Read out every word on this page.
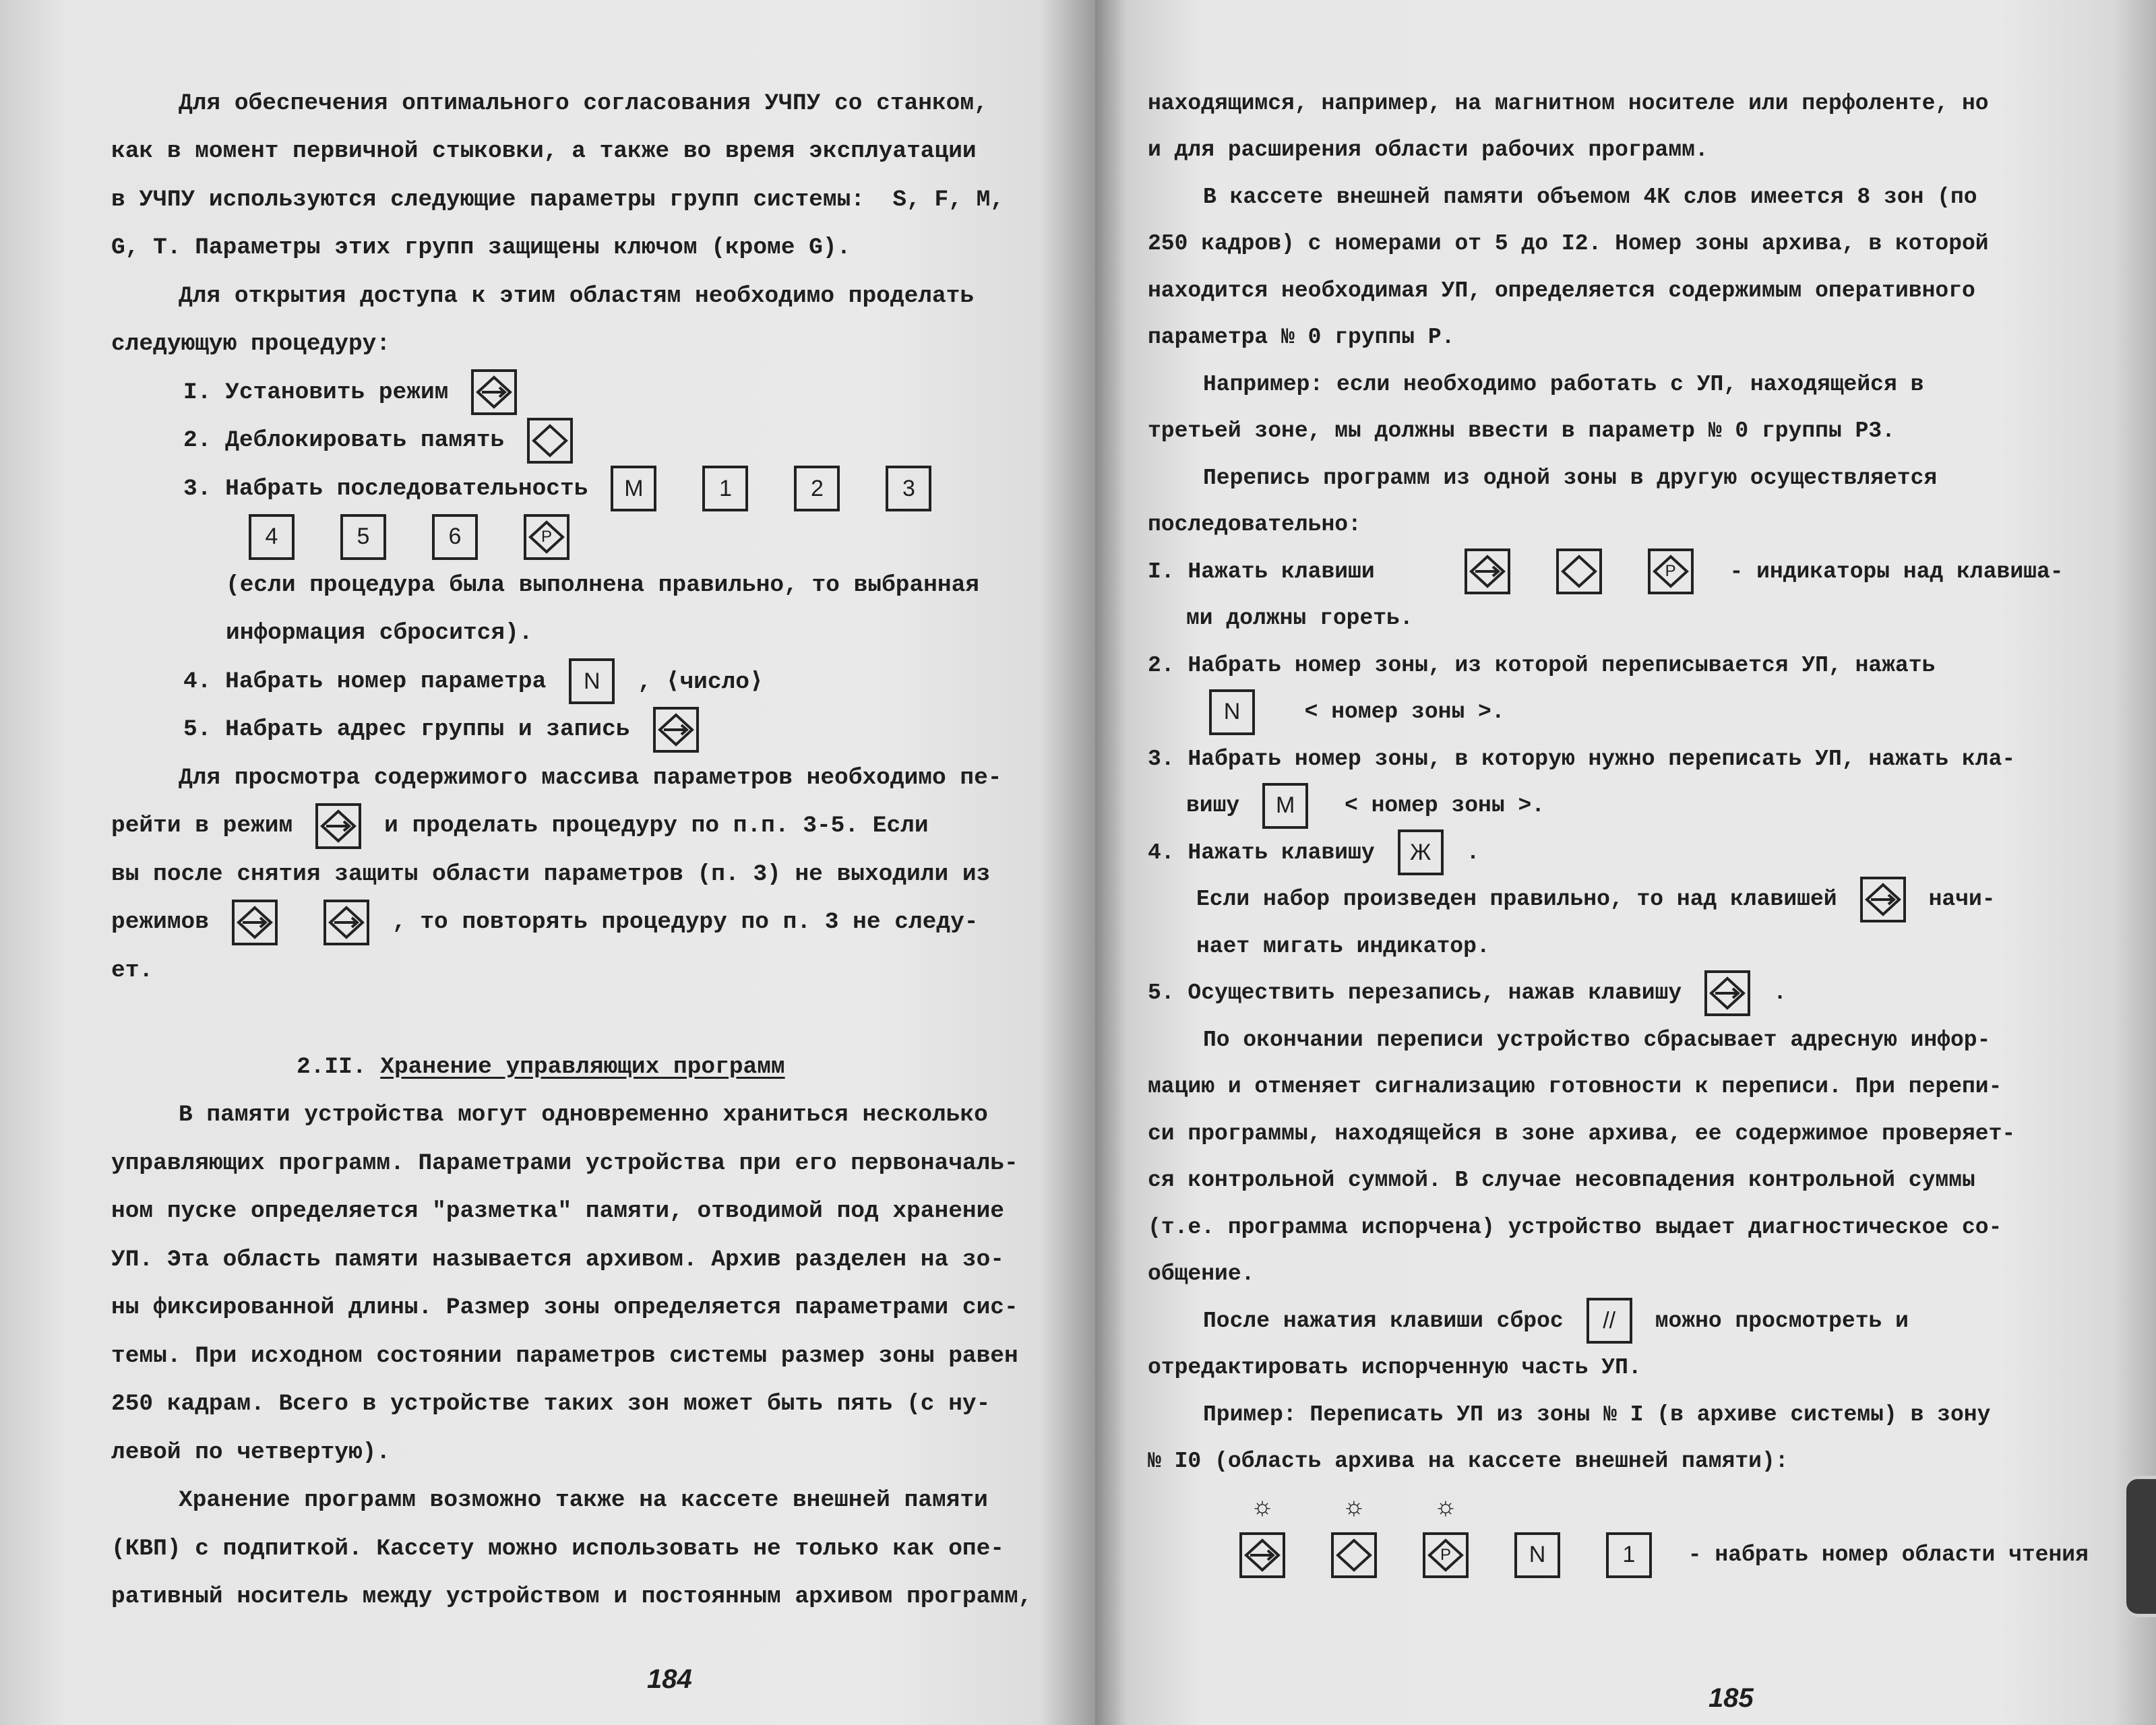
184
Для обеспечения оптимального согласования УЧПУ со станком,
как в момент первичной стыковки, а также во время эксплуатации
в УЧПУ используются следующие параметры групп системы:  S, F, M,
G, T. Параметры этих групп защищены ключом (кроме G).
Для открытия доступа к этим областям необходимо проделать
следующую процедуру:
I. Установить режим
2. Деблокировать память
3. Набрать последовательность M	1	2	3
4	5	6	P
(если процедура была выполнена правильно, то выбранная
информация сбросится).
4. Набрать номер параметра N , ⟨число⟩
5. Набрать адрес группы и запись
Для просмотра содержимого массива параметров необходимо пе-
рейти в режим	и проделать процедуру по п.п. 3-5. Если
вы после снятия защиты области параметров (п. 3) не выходили из
режимов	, то повторять процедуру по п. 3 не следу-
ет.
2.II. Хранение управляющих программ
В памяти устройства могут одновременно храниться несколько
управляющих программ. Параметрами устройства при его первоначаль-
ном пуске определяется "разметка" памяти, отводимой под хранение
УП. Эта область памяти называется архивом. Архив разделен на зо-
ны фиксированной длины. Размер зоны определяется параметрами сис-
темы. При исходном состоянии параметров системы размер зоны равен
250 кадрам. Всего в устройстве таких зон может быть пять (с ну-
левой по четвертую).
Хранение программ возможно также на кассете внешней памяти
(КВП) с подпиткой. Кассету можно использовать не только как опе-
ративный носитель между устройством и постоянным архивом программ,
185
находящимся, например, на магнитном носителе или перфоленте, но
и для расширения области рабочих программ.
В кассете внешней памяти объемом 4К слов имеется 8 зон (по
250 кадров) с номерами от 5 до I2. Номер зоны архива, в которой
находится необходимая УП, определяется содержимым оперативного
параметра № 0 группы P.
Например: если необходимо работать с УП, находящейся в
третьей зоне, мы должны ввести в параметр № 0 группы P3.
Перепись программ из одной зоны в другую осуществляется
последовательно:
I. Нажать клавиши	P - индикаторы над клавиша-
ми должны гореть.
2. Набрать номер зоны, из которой переписывается УП, нажать
N < номер зоны >.
3. Набрать номер зоны, в которую нужно переписать УП, нажать кла-
вишу M < номер зоны >.
4. Нажать клавишу Ж .
Если набор произведен правильно, то над клавишей	начи-
нает мигать индикатор.
5. Осуществить перезапись, нажав клавишу	.
По окончании переписи устройство сбрасывает адресную инфор-
мацию и отменяет сигнализацию готовности к переписи. При перепи-
си программы, находящейся в зоне архива, ее содержимое проверяет-
ся контрольной суммой. В случае несовпадения контрольной суммы
(т.е. программа испорчена) устройство выдает диагностическое со-
общение.
После нажатия клавиши сброс // можно просмотреть и
отредактировать испорченную часть УП.
Пример: Переписать УП из зоны № I (в архиве системы) в зону
№ I0 (область архива на кассете внешней памяти):
☼	☼	☼
P	N	1 - набрать номер области чтения
